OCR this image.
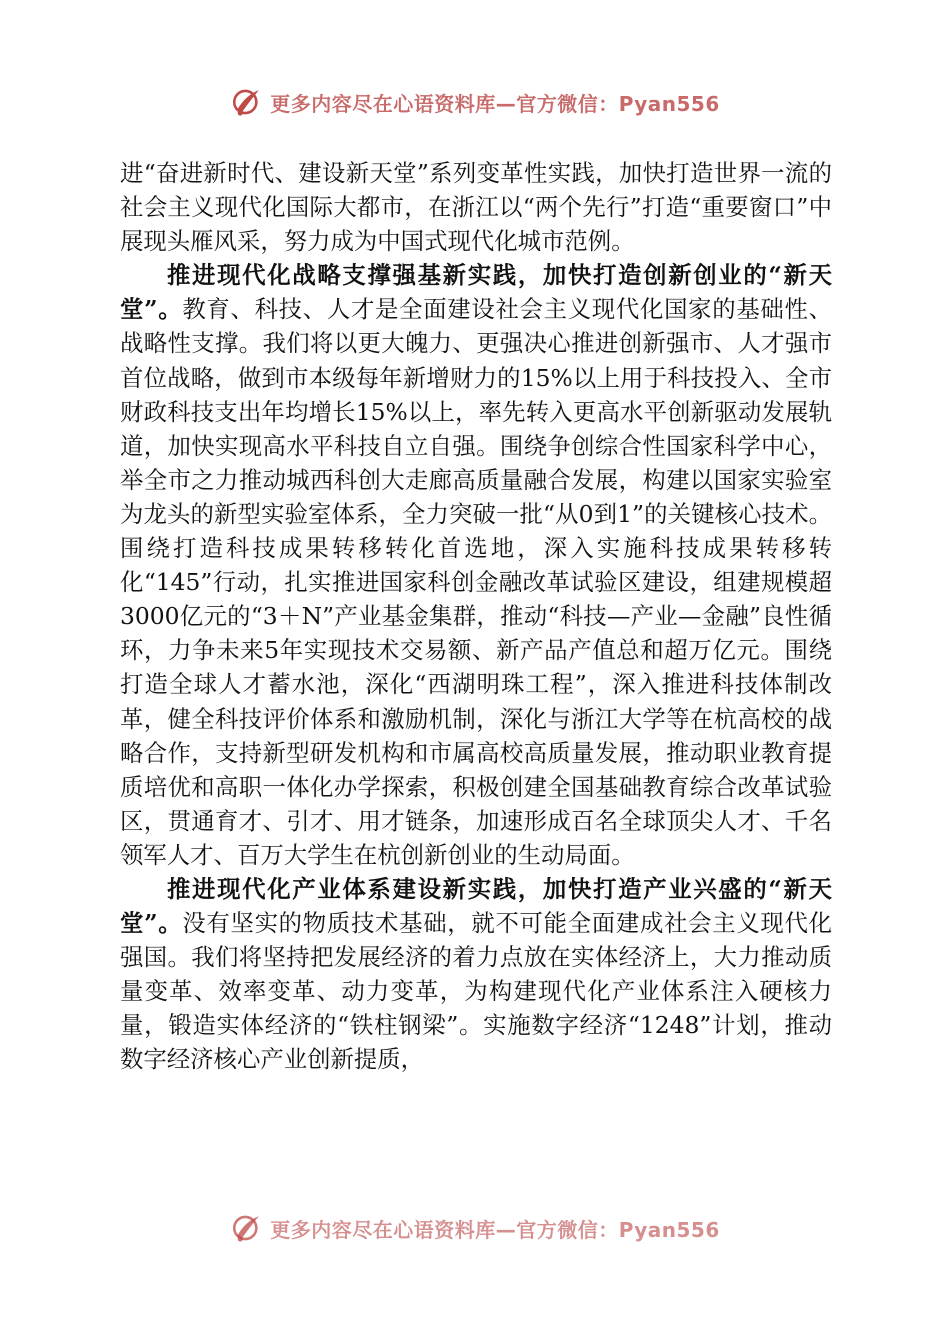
更多内容尽在心语资料库—官方微信：Pyan556

进“奋进新时代、建设新天堂”系列变革性实践，加快打造世界一流的社会主义现代化国际大都市，在浙江以“两个先行”打造“重要窗口”中展现头雁风采，努力成为中国式现代化城市范例。

推进现代化战略支撑强基新实践，加快打造创新创业的“新天堂”。教育、科技、人才是全面建设社会主义现代化国家的基础性、战略性支撑。我们将以更大魄力、更强决心推进创新强市、人才强市首位战略，做到市本级每年新增财力的15%以上用于科技投入、全市财政科技支出年均增长15%以上，率先转入更高水平创新驱动发展轨道，加快实现高水平科技自立自强。围绕争创综合性国家科学中心，举全市之力推动城西科创大走廊高质量融合发展，构建以国家实验室为龙头的新型实验室体系，全力突破一批“从0到1”的关键核心技术。围绕打造科技成果转移转化首选地，深入实施科技成果转移转化“145”行动，扎实推进国家科创金融改革试验区建设，组建规模超3000亿元的“3＋N”产业基金集群，推动“科技—产业—金融”良性循环，力争未来5年实现技术交易额、新产品产值总和超万亿元。围绕打造全球人才蓄水池，深化“西湖明珠工程”，深入推进科技体制改革，健全科技评价体系和激励机制，深化与浙江大学等在杭高校的战略合作，支持新型研发机构和市属高校高质量发展，推动职业教育提质培优和高职一体化办学探索，积极创建全国基础教育综合改革试验区，贯通育才、引才、用才链条，加速形成百名全球顶尖人才、千名领军人才、百万大学生在杭创新创业的生动局面。

推进现代化产业体系建设新实践，加快打造产业兴盛的“新天堂”。没有坚实的物质技术基础，就不可能全面建成社会主义现代化强国。我们将坚持把发展经济的着力点放在实体经济上，大力推动质量变革、效率变革、动力变革，为构建现代化产业体系注入硬核力量，锻造实体经济的“铁柱钢梁”。实施数字经济“1248”计划，推动数字经济核心产业创新提质，

更多内容尽在心语资料库—官方微信：Pyan556
